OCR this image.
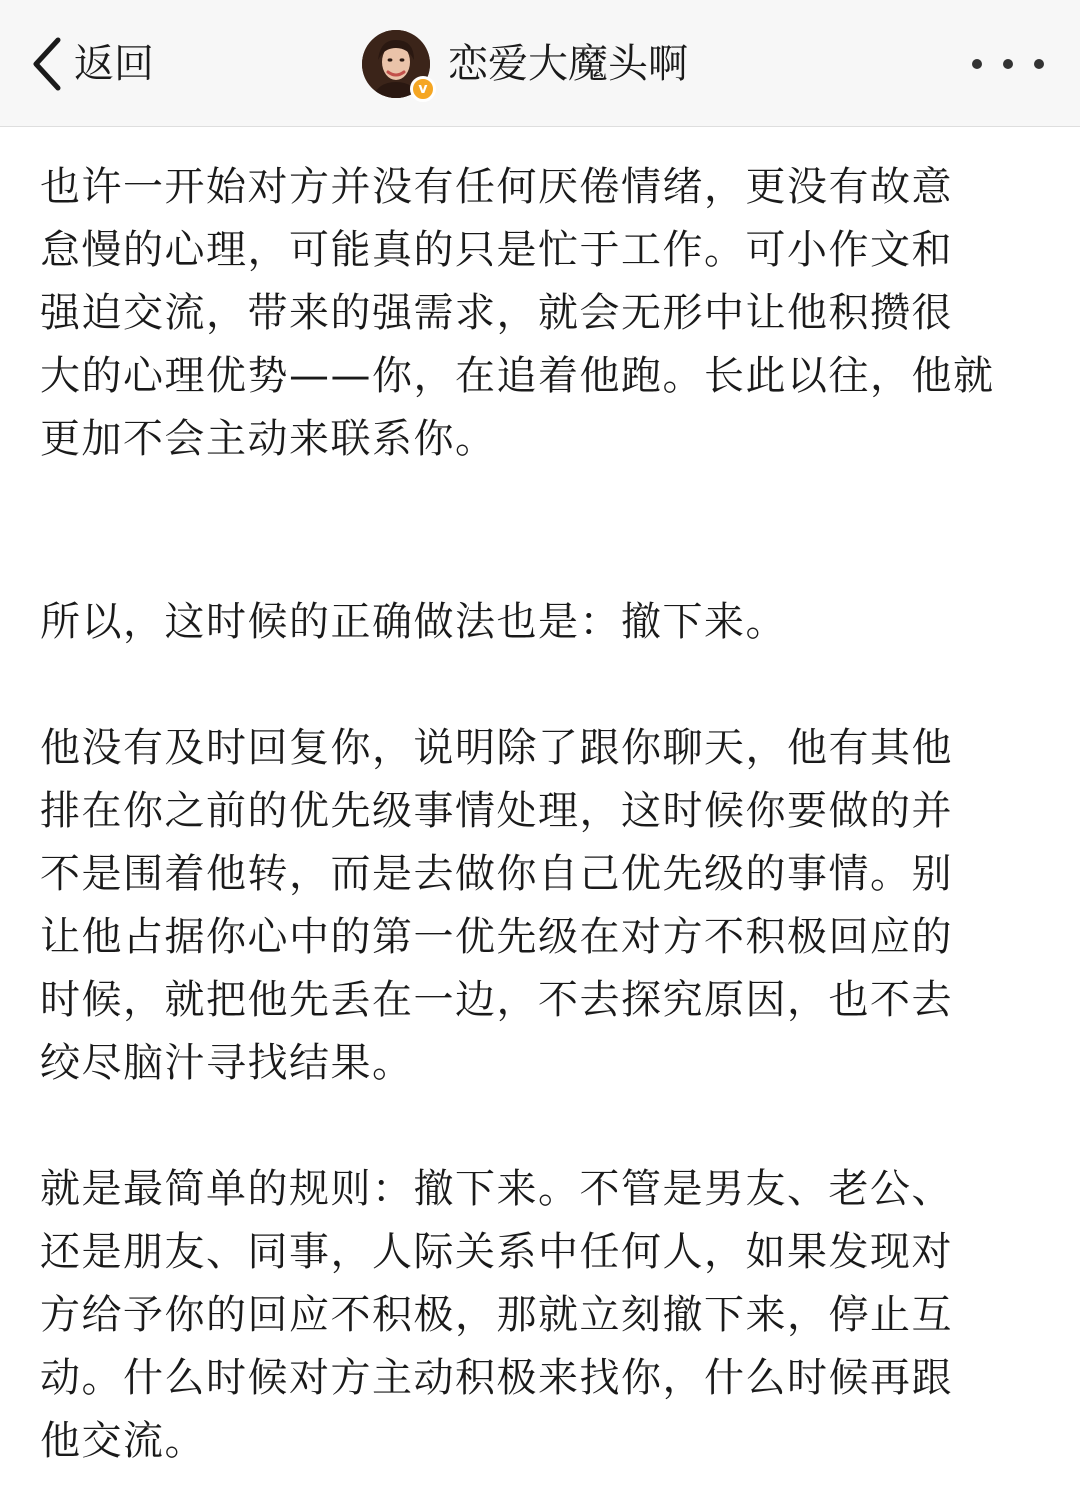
返回
v
恋爱大魔头啊

也许一开始对方并没有任何厌倦情绪，更没有故意
怠慢的心理，可能真的只是忙于工作。可小作文和
强迫交流，带来的强需求，就会无形中让他积攒很
大的心理优势——你，在追着他跑。长此以往，他就
更加不会主动来联系你。

所以，这时候的正确做法也是：撤下来。

他没有及时回复你，说明除了跟你聊天，他有其他
排在你之前的优先级事情处理，这时候你要做的并
不是围着他转，而是去做你自己优先级的事情。别
让他占据你心中的第一优先级在对方不积极回应的
时候，就把他先丢在一边，不去探究原因，也不去
绞尽脑汁寻找结果。

就是最简单的规则：撤下来。不管是男友、老公、
还是朋友、同事，人际关系中任何人，如果发现对
方给予你的回应不积极，那就立刻撤下来，停止互
动。什么时候对方主动积极来找你，什么时候再跟
他交流。
